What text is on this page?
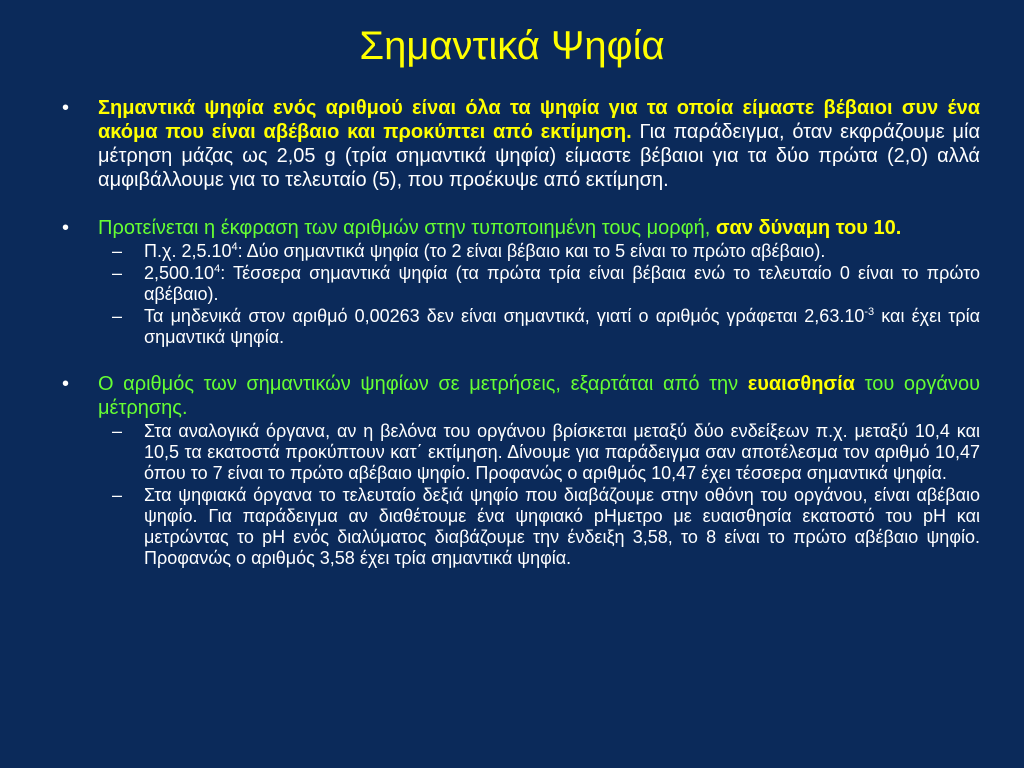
Σημαντικά Ψηφία
• Σημαντικά ψηφία ενός αριθμού είναι όλα τα ψηφία για τα οποία είμαστε βέβαιοι συν ένα ακόμα που είναι αβέβαιο και προκύπτει από εκτίμηση. Για παράδειγμα, όταν εκφράζουμε μία μέτρηση μάζας ως 2,05 g (τρία σημαντικά ψηφία) είμαστε βέβαιοι για τα δύο πρώτα (2,0) αλλά αμφιβάλλουμε για το τελευταίο (5), που προέκυψε από εκτίμηση.
• Προτείνεται η έκφραση των αριθμών στην τυποποιημένη τους μορφή, σαν δύναμη του 10.
– Π.χ. 2,5.10$^4$: Δύο σημαντικά ψηφία (το 2 είναι βέβαιο και το 5 είναι το πρώτο αβέβαιο).
– 2,500.10$^4$: Τέσσερα σημαντικά ψηφία (τα πρώτα τρία είναι βέβαια ενώ το τελευταίο 0 είναι το πρώτο αβέβαιο).
– Τα μηδενικά στον αριθμό 0,00263 δεν είναι σημαντικά, γιατί ο αριθμός γράφεται $2,63.10^{-3}$ και έχει τρία σημαντικά ψηφία.
• Ο αριθμός των σημαντικών ψηφίων σε μετρήσεις, εξαρτάται από την ευαισθησία του οργάνου μέτρησης.
– Στα αναλογικά όργανα, αν η βελόνα του οργάνου βρίσκεται μεταξύ δύο ενδείξεων π.χ. μεταξύ 10,4 και 10,5 τα εκατοστά προκύπτουν κατ΄ εκτίμηση. Δίνουμε για παράδειγμα σαν αποτέλεσμα τον αριθμό 10,47 όπου το 7 είναι το πρώτο αβέβαιο ψηφίο. Προφανώς ο αριθμός 10,47 έχει τέσσερα σημαντικά ψηφία.
– Στα ψηφιακά όργανα το τελευταίο δεξιά ψηφίο που διαβάζουμε στην οθόνη του οργάνου, είναι αβέβαιο ψηφίο. Για παράδειγμα αν διαθέτουμε ένα ψηφιακό pΗμετρο με ευαισθησία εκατοστό του pH και μετρώντας το pH ενός διαλύματος διαβάζουμε την ένδειξη 3,58, το 8 είναι το πρώτο αβέβαιο ψηφίο. Προφανώς ο αριθμός 3,58 έχει τρία σημαντικά ψηφία.
